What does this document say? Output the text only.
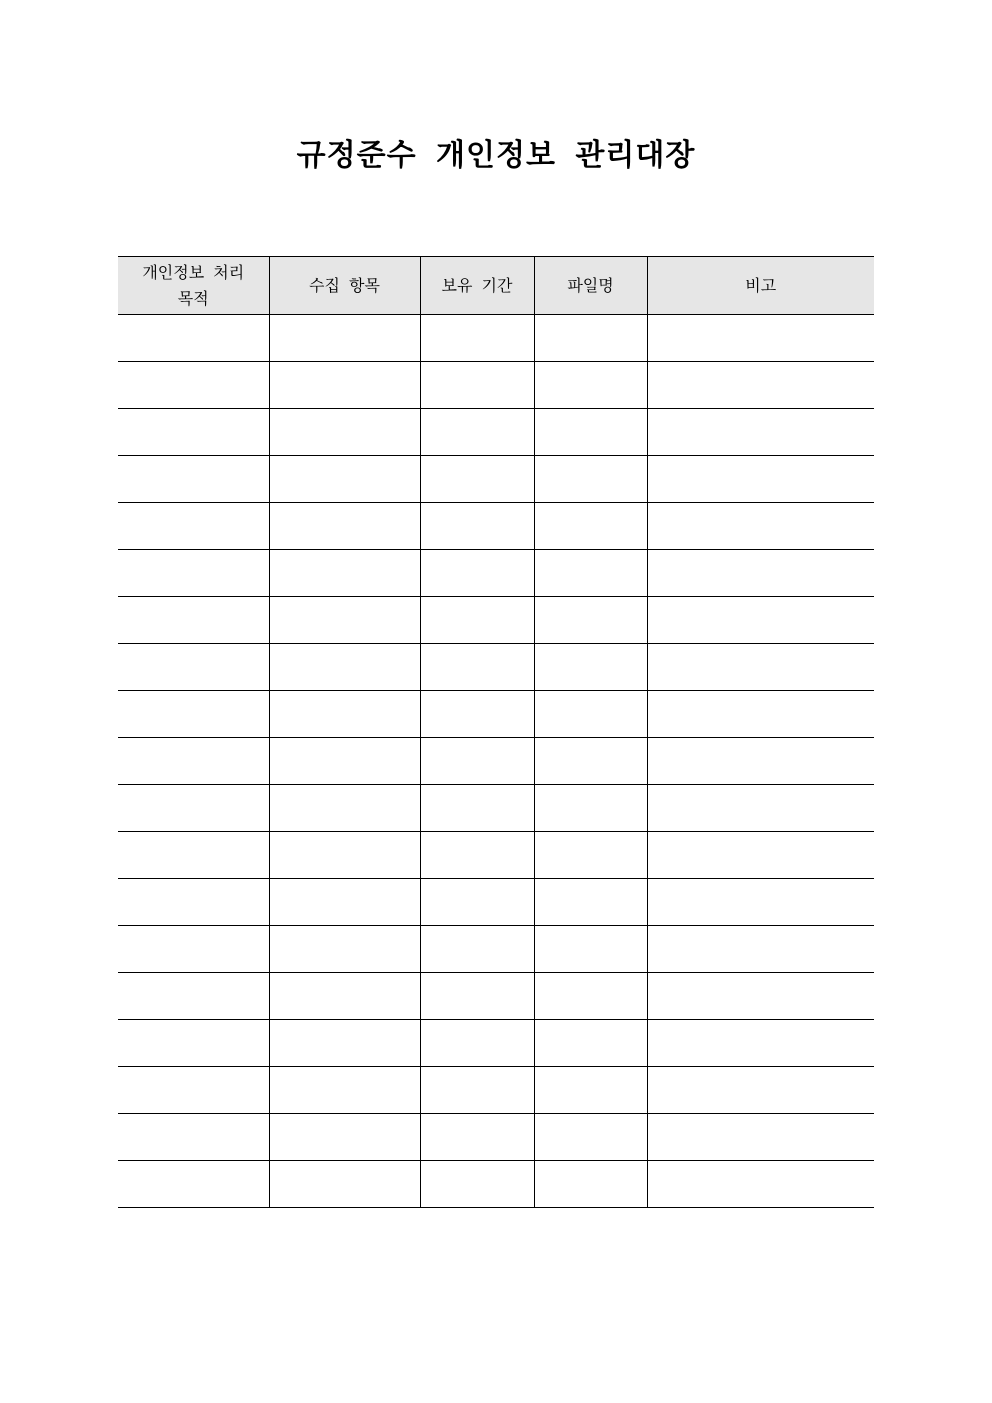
규정준수 개인정보 관리대장
개인정보 처리
목적	수집 항목	보유 기간	파일명	비고
